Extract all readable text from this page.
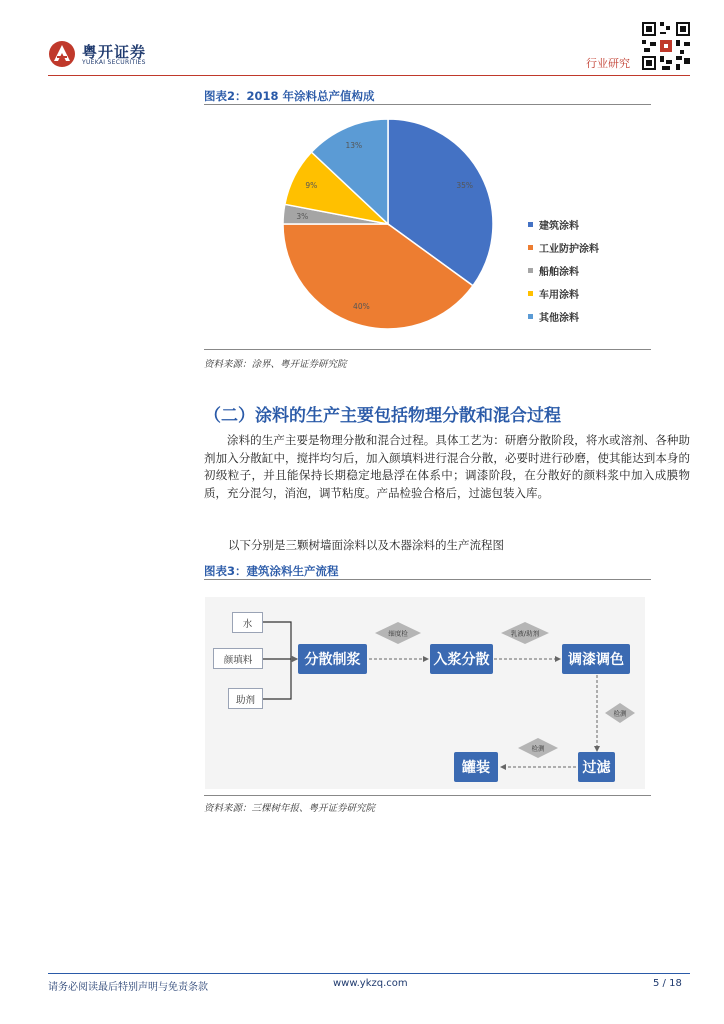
粤开证券
YUEKAI SECURITIES	行业研究
图表2：2018 年涂料总产值构成
35%
40%
3%
9%
13%
建筑涂料
工业防护涂料
船舶涂料
车用涂料
其他涂料
资料来源：涂界、粤开证券研究院
（二）涂料的生产主要包括物理分散和混合过程

涂料的生产主要是物理分散和混合过程。具体工艺为：研磨分散阶段，将水或溶剂、各种助剂加入分散缸中，搅拌均匀后，加入颜填料进行混合分散，必要时进行砂磨，使其能达到本身的初级粒子，并且能保持长期稳定地悬浮在体系中；调漆阶段，在分散好的颜料浆中加入成膜物质，充分混匀，消泡，调节粘度。产品检验合格后，过滤包装入库。

以下分别是三颗树墙面涂料以及木器涂料的生产流程图
图表3：建筑涂料生产流程
细度检	乳液/助剂
检测
检测
水
颜填料
助剂
分散制浆	入浆分散	调漆调色
过滤
罐装
资料来源：三棵树年报、粤开证券研究院
请务必阅读最后特别声明与免责条款	www.ykzq.com	5 / 18
